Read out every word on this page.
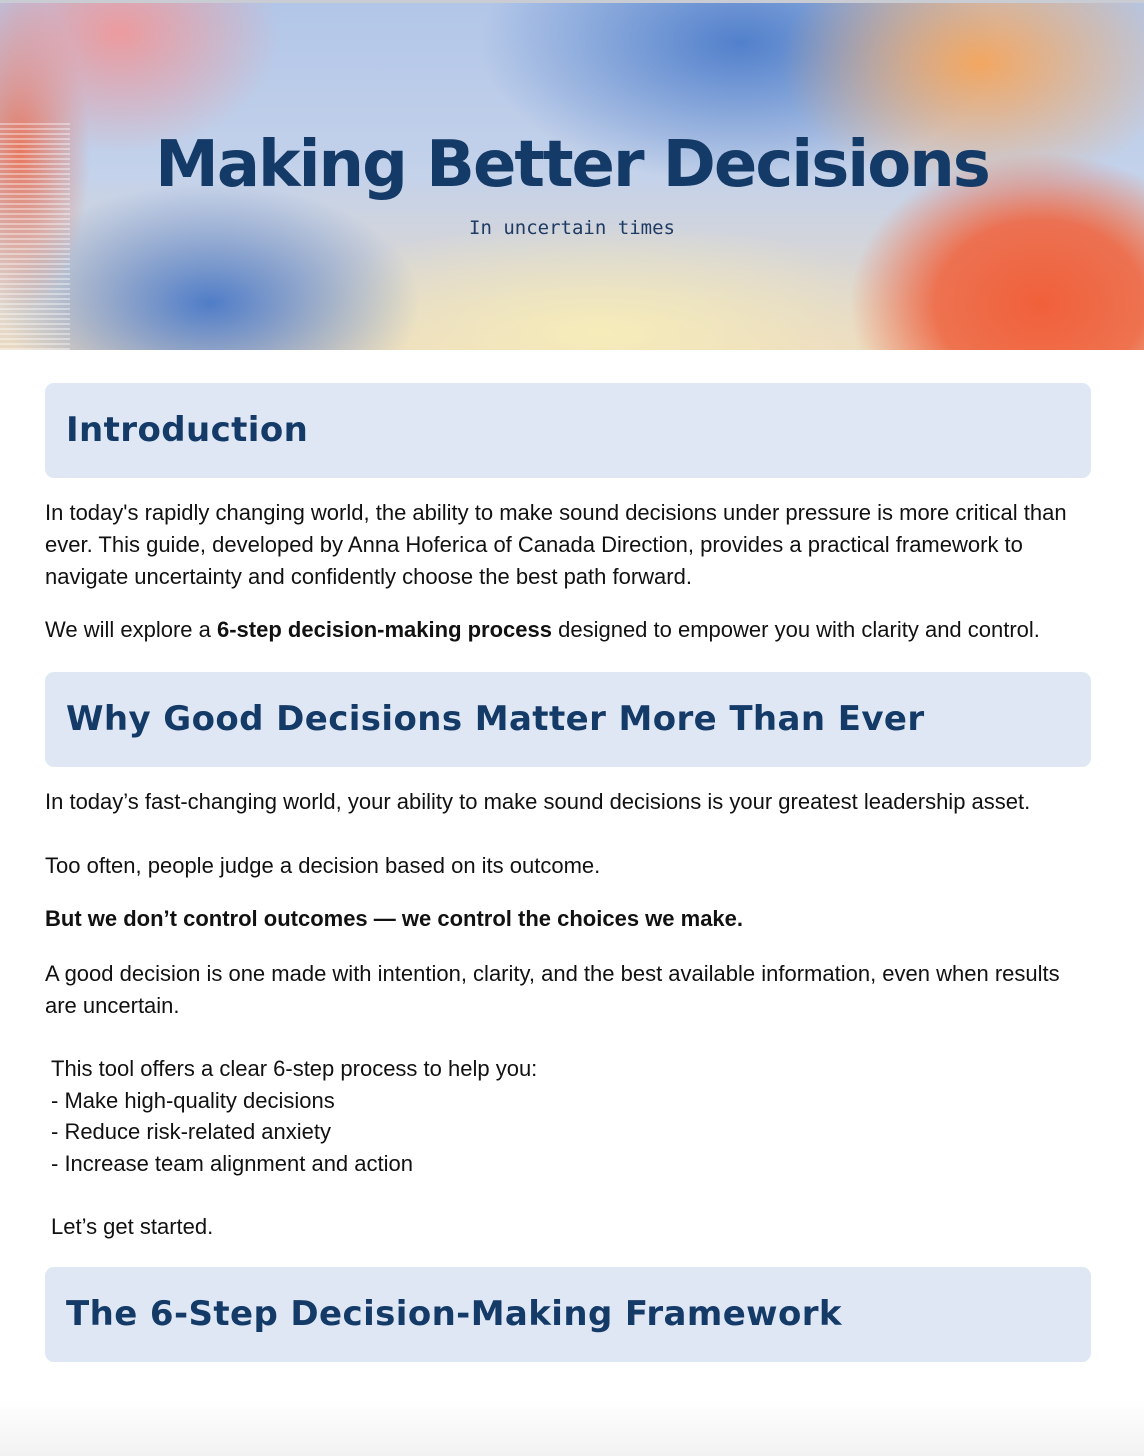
Making Better Decisions
In uncertain times
Introduction

In today's rapidly changing world, the ability to make sound decisions under pressure is more critical than ever. This guide, developed by Anna Hoferica of Canada Direction, provides a practical framework to navigate uncertainty and confidently choose the best path forward.

We will explore a 6-step decision-making process designed to empower you with clarity and control.

Why Good Decisions Matter More Than Ever

In today’s fast-changing world, your ability to make sound decisions is your greatest leadership asset.

Too often, people judge a decision based on its outcome.

But we don’t control outcomes — we control the choices we make.

A good decision is one made with intention, clarity, and the best available information, even when results are uncertain.

This tool offers a clear 6-step process to help you:
- Make high-quality decisions
- Reduce risk-related anxiety
- Increase team alignment and action

Let’s get started.

The 6-Step Decision-Making Framework
